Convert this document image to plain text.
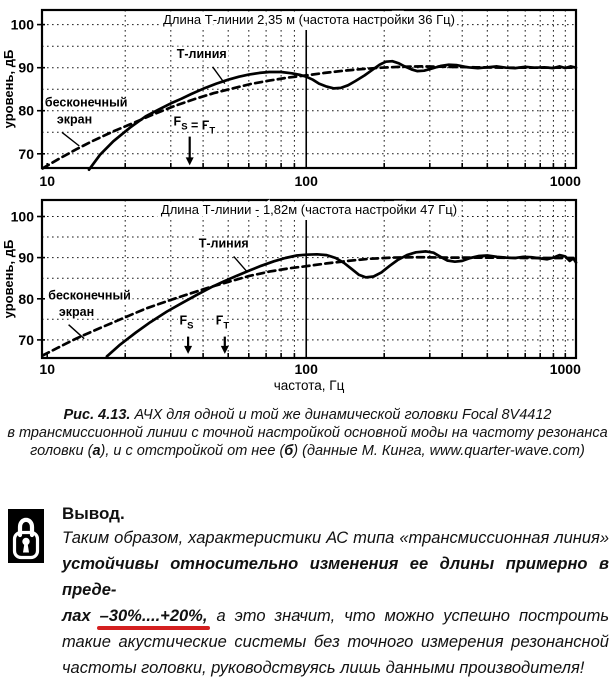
70
80
90
100
10	100	1000
Длина Т-линии 2,35 м (частота настройки 36 Гц)
уровень, дБ	Т-линия
бесконечный
экран	$F_S = F_T$
70
80
90
100
10	100	1000
Длина Т-линии - 1,82м (частота настройки 47 Гц)
уровень, дБ	Т-линия
бесконечный
экран
$F_S$ $F_T$
частота, Гц
Рис. 4.13. АЧХ для одной и той же динамической головки Focal 8V4412
в трансмиссионной линии с точной настройкой основной моды на частоту резонанса
головки (а), и с отстройкой от нее (б) (данные М. Кинга, www.quarter-wave.com)
Вывод.
Таким образом, характеристики АС типа «трансмиссионная линия»
устойчивы относительно изменения ее длины примерно в преде-
лах –30%....+20%, а это значит, что можно успешно построить
такие акустические системы без точного измерения резонансной
частоты головки, руководствуясь лишь данными производителя!
